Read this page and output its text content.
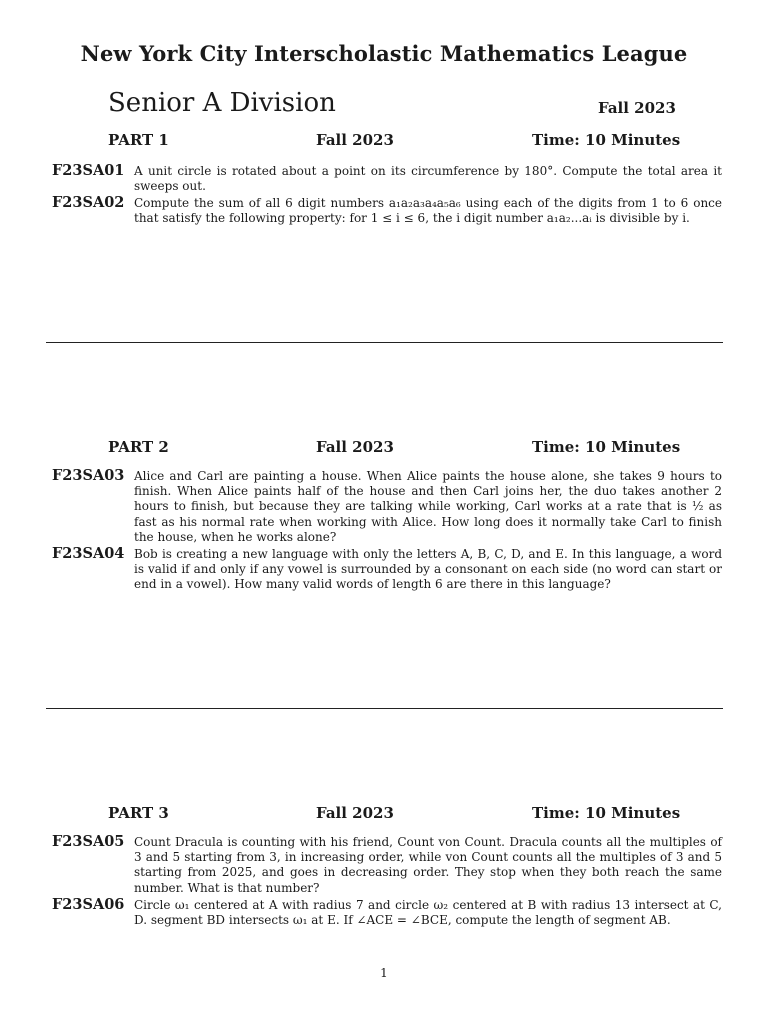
New York City Interscholastic Mathematics League
Senior A Division	Fall 2023
PART 1	Fall 2023	Time: 10 Minutes
F23SA01 A unit circle is rotated about a point on its circumference by 180°. Compute the total area it sweeps out.
F23SA02 Compute the sum of all 6 digit numbers a₁a₂a₃a₄a₅a₆ using each of the digits from 1 to 6 once that satisfy the following property: for 1 ≤ i ≤ 6, the i digit number a₁a₂...aᵢ is divisible by i.
PART 2	Fall 2023	Time: 10 Minutes
F23SA03 Alice and Carl are painting a house. When Alice paints the house alone, she takes 9 hours to finish. When Alice paints half of the house and then Carl joins her, the duo takes another 2 hours to finish, but because they are talking while working, Carl works at a rate that is ½ as fast as his normal rate when working with Alice. How long does it normally take Carl to finish the house, when he works alone?
F23SA04 Bob is creating a new language with only the letters A, B, C, D, and E. In this language, a word is valid if and only if any vowel is surrounded by a consonant on each side (no word can start or end in a vowel). How many valid words of length 6 are there in this language?
PART 3	Fall 2023	Time: 10 Minutes
F23SA05 Count Dracula is counting with his friend, Count von Count. Dracula counts all the multiples of 3 and 5 starting from 3, in increasing order, while von Count counts all the multiples of 3 and 5 starting from 2025, and goes in decreasing order. They stop when they both reach the same number. What is that number?
F23SA06 Circle ω₁ centered at A with radius 7 and circle ω₂ centered at B with radius 13 intersect at C, D. segment BD intersects ω₁ at E. If ∠ACE = ∠BCE, compute the length of segment AB.
1
